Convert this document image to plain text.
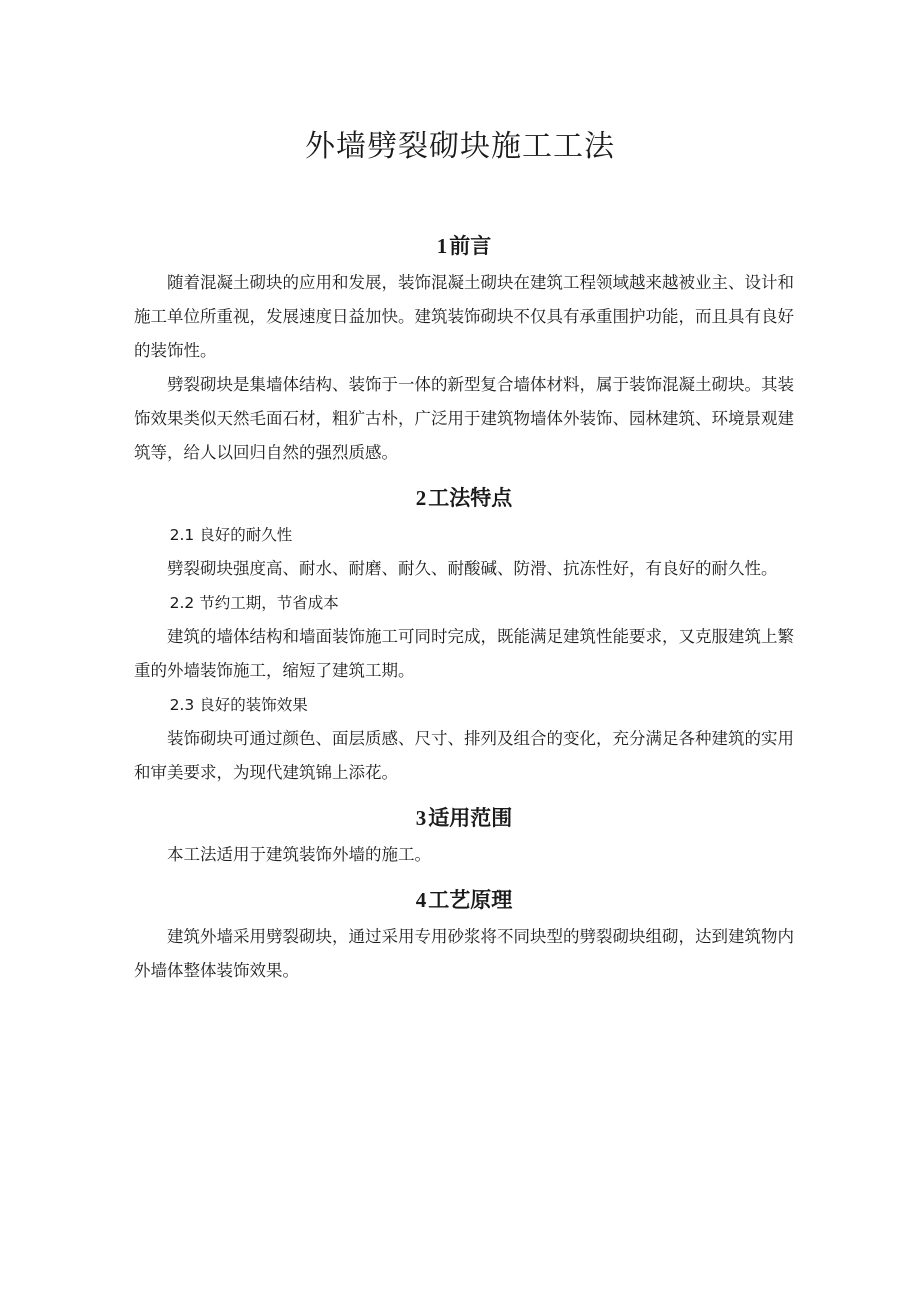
外墙劈裂砌块施工工法
1前言

随着混凝土砌块的应用和发展，装饰混凝土砌块在建筑工程领域越来越被业主、设计和施工单位所重视，发展速度日益加快。建筑装饰砌块不仅具有承重围护功能，而且具有良好的装饰性。

劈裂砌块是集墙体结构、装饰于一体的新型复合墙体材料，属于装饰混凝土砌块。其装饰效果类似天然毛面石材，粗犷古朴，广泛用于建筑物墙体外装饰、园林建筑、环境景观建筑等，给人以回归自然的强烈质感。

2工法特点

2.1 良好的耐久性

劈裂砌块强度高、耐水、耐磨、耐久、耐酸碱、防滑、抗冻性好，有良好的耐久性。

2.2 节约工期，节省成本

建筑的墙体结构和墙面装饰施工可同时完成，既能满足建筑性能要求，又克服建筑上繁重的外墙装饰施工，缩短了建筑工期。

2.3 良好的装饰效果

装饰砌块可通过颜色、面层质感、尺寸、排列及组合的变化，充分满足各种建筑的实用和审美要求，为现代建筑锦上添花。

3适用范围

本工法适用于建筑装饰外墙的施工。

4工艺原理

建筑外墙采用劈裂砌块，通过采用专用砂浆将不同块型的劈裂砌块组砌，达到建筑物内外墙体整体装饰效果。
